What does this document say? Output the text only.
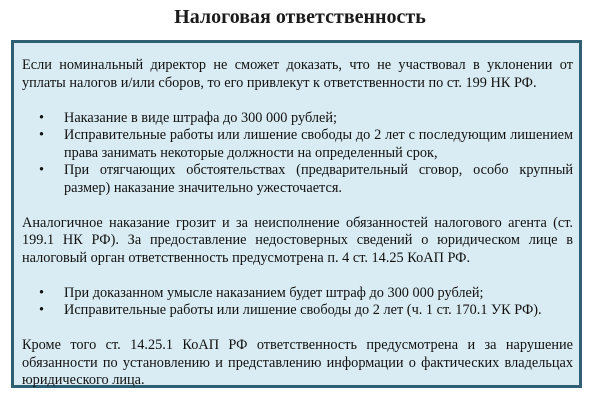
Налоговая ответственность

Если номинальный директор не сможет доказать, что не участвовал в уклонении от уплаты налогов и/или сборов, то его привлекут к ответственности по ст. 199 НК РФ.

• Наказание в виде штрафа до 300 000 рублей;
• Исправительные работы или лишение свободы до 2 лет с последующим лишением права занимать некоторые должности на определенный срок,
• При отягчающих обстоятельствах (предварительный сговор, особо крупный размер) наказание значительно ужесточается.

Аналогичное наказание грозит и за неисполнение обязанностей налогового агента (ст. 199.1 НК РФ). За предоставление недостоверных сведений о юридическом лице в налоговый орган ответственность предусмотрена п. 4 ст. 14.25 КоАП РФ.

• При доказанном умысле наказанием будет штраф до 300 000 рублей;
• Исправительные работы или лишение свободы до 2 лет (ч. 1 ст. 170.1 УК РФ).

Кроме того ст. 14.25.1 КоАП РФ ответственность предусмотрена и за нарушение обязанности по установлению и представлению информации о фактических владельцах юридического лица.
